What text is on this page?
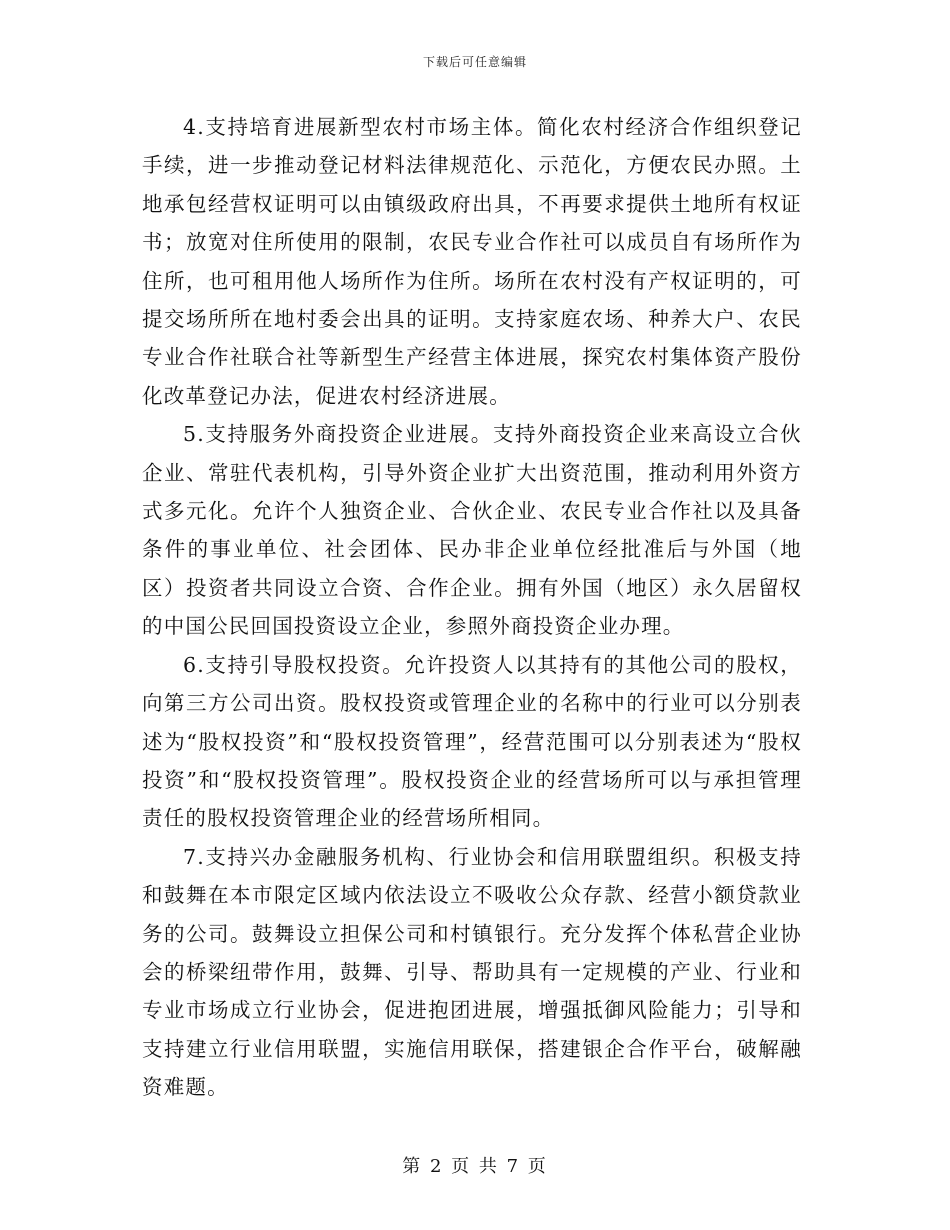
下载后可任意编辑

4.支持培育进展新型农村市场主体。简化农村经济合作组织登记手续，进一步推动登记材料法律规范化、示范化，方便农民办照。土地承包经营权证明可以由镇级政府出具，不再要求提供土地所有权证书；放宽对住所使用的限制，农民专业合作社可以成员自有场所作为住所，也可租用他人场所作为住所。场所在农村没有产权证明的，可提交场所所在地村委会出具的证明。支持家庭农场、种养大户、农民专业合作社联合社等新型生产经营主体进展，探究农村集体资产股份化改革登记办法，促进农村经济进展。

5.支持服务外商投资企业进展。支持外商投资企业来高设立合伙企业、常驻代表机构，引导外资企业扩大出资范围，推动利用外资方式多元化。允许个人独资企业、合伙企业、农民专业合作社以及具备条件的事业单位、社会团体、民办非企业单位经批准后与外国（地区）投资者共同设立合资、合作企业。拥有外国（地区）永久居留权的中国公民回国投资设立企业，参照外商投资企业办理。

6.支持引导股权投资。允许投资人以其持有的其他公司的股权，向第三方公司出资。股权投资或管理企业的名称中的行业可以分别表述为“股权投资”和“股权投资管理”，经营范围可以分别表述为“股权投资”和“股权投资管理”。股权投资企业的经营场所可以与承担管理责任的股权投资管理企业的经营场所相同。

7.支持兴办金融服务机构、行业协会和信用联盟组织。积极支持和鼓舞在本市限定区域内依法设立不吸收公众存款、经营小额贷款业务的公司。鼓舞设立担保公司和村镇银行。充分发挥个体私营企业协会的桥梁纽带作用，鼓舞、引导、帮助具有一定规模的产业、行业和专业市场成立行业协会，促进抱团进展，增强抵御风险能力；引导和支持建立行业信用联盟，实施信用联保，搭建银企合作平台，破解融资难题。

第 2 页 共 7 页
